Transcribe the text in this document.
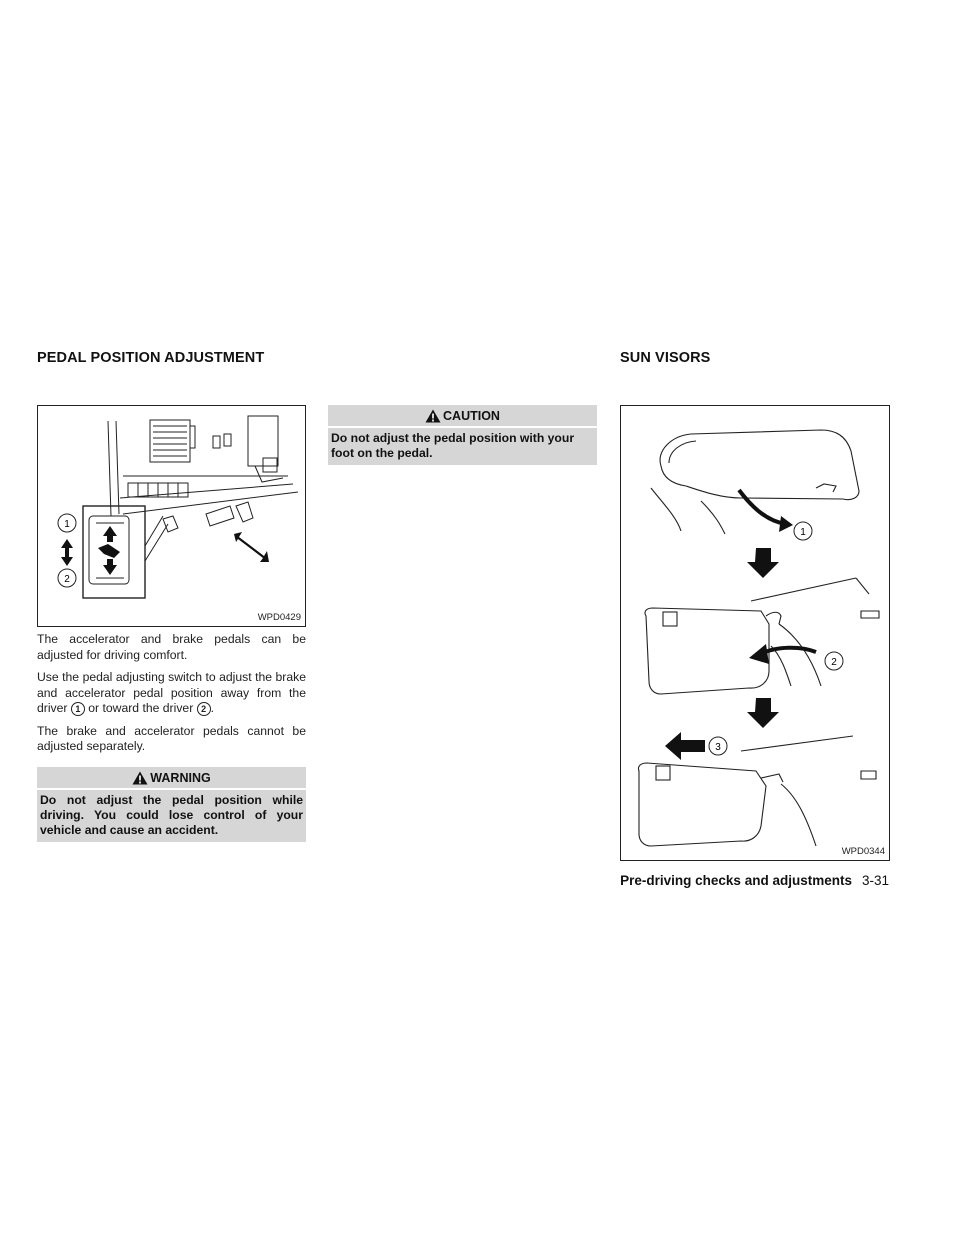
PEDAL POSITION ADJUSTMENT
1
2
WPD0429

The accelerator and brake pedals can be adjusted for driving comfort.

Use the pedal adjusting switch to adjust the brake and accelerator pedal position away from the driver 1 or toward the driver 2 .

The brake and accelerator pedals cannot be adjusted separately.

WARNING
Do not adjust the pedal position while driving. You could lose control of your vehicle and cause an accident.
CAUTION
Do not adjust the pedal position with your foot on the pedal.
SUN VISORS
1
2
3
WPD0344
Pre-driving checks and adjustments 3-31
